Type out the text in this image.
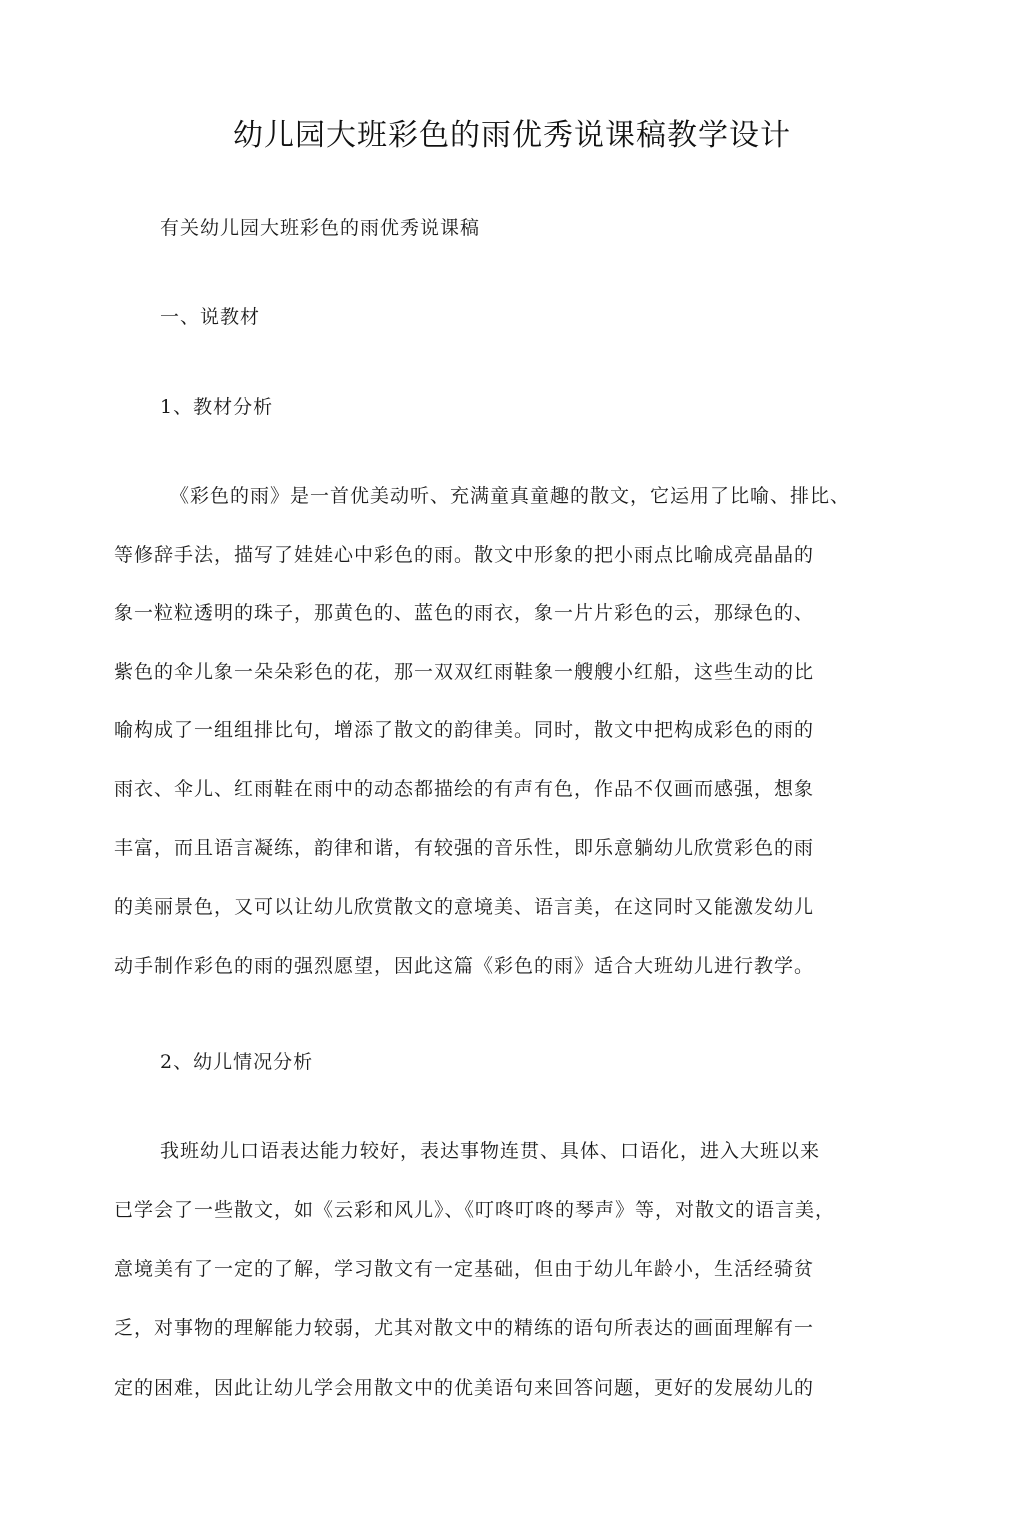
幼儿园大班彩色的雨优秀说课稿教学设计
有关幼儿园大班彩色的雨优秀说课稿
一、说教材
1、教材分析
《彩色的雨》是一首优美动听、充满童真童趣的散文，它运用了比喻、排比、
等修辞手法，描写了娃娃心中彩色的雨。散文中形象的把小雨点比喻成亮晶晶的
象一粒粒透明的珠子，那黄色的、蓝色的雨衣，象一片片彩色的云，那绿色的、
紫色的伞儿象一朵朵彩色的花，那一双双红雨鞋象一艘艘小红船，这些生动的比
喻构成了一组组排比句，增添了散文的韵律美。同时，散文中把构成彩色的雨的
雨衣、伞儿、红雨鞋在雨中的动态都描绘的有声有色，作品不仅画而感强，想象
丰富，而且语言凝练，韵律和谐，有较强的音乐性，即乐意躺幼儿欣赏彩色的雨
的美丽景色，又可以让幼儿欣赏散文的意境美、语言美，在这同时又能激发幼儿
动手制作彩色的雨的强烈愿望，因此这篇《彩色的雨》适合大班幼儿进行教学。
2、幼儿情况分析
我班幼儿口语表达能力较好，表达事物连贯、具体、口语化，进入大班以来
已学会了一些散文，如《云彩和风儿》、《叮咚叮咚的琴声》等，对散文的语言美，
意境美有了一定的了解，学习散文有一定基础，但由于幼儿年龄小，生活经骑贫
乏，对事物的理解能力较弱，尤其对散文中的精练的语句所表达的画面理解有一
定的困难，因此让幼儿学会用散文中的优美语句来回答问题，更好的发展幼儿的
